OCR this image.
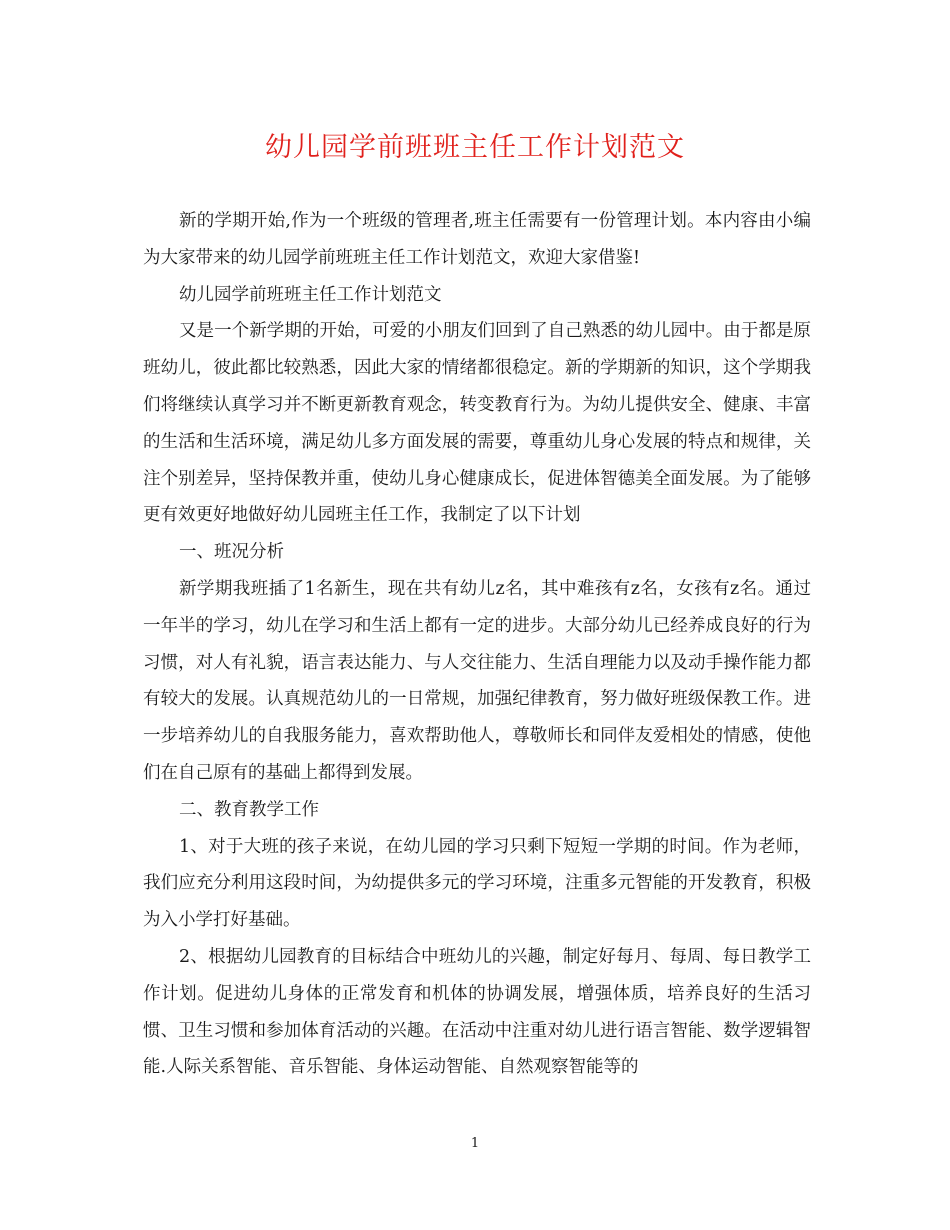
幼儿园学前班班主任工作计划范文

新的学期开始,作为一个班级的管理者,班主任需要有一份管理计划。本内容由小编为大家带来的幼儿园学前班班主任工作计划范文，欢迎大家借鉴!

幼儿园学前班班主任工作计划范文

又是一个新学期的开始，可爱的小朋友们回到了自己熟悉的幼儿园中。由于都是原班幼儿，彼此都比较熟悉，因此大家的情绪都很稳定。新的学期新的知识，这个学期我们将继续认真学习并不断更新教育观念，转变教育行为。为幼儿提供安全、健康、丰富的生活和生活环境，满足幼儿多方面发展的需要，尊重幼儿身心发展的特点和规律，关注个别差异，坚持保教并重，使幼儿身心健康成长，促进体智德美全面发展。为了能够更有效更好地做好幼儿园班主任工作，我制定了以下计划

一、班况分析

新学期我班插了1名新生，现在共有幼儿z名，其中难孩有z名，女孩有z名。通过一年半的学习，幼儿在学习和生活上都有一定的进步。大部分幼儿已经养成良好的行为习惯，对人有礼貌，语言表达能力、与人交往能力、生活自理能力以及动手操作能力都有较大的发展。认真规范幼儿的一日常规，加强纪律教育，努力做好班级保教工作。进一步培养幼儿的自我服务能力，喜欢帮助他人，尊敬师长和同伴友爱相处的情感，使他们在自己原有的基础上都得到发展。

二、教育教学工作

1、对于大班的孩子来说，在幼儿园的学习只剩下短短一学期的时间。作为老师，我们应充分利用这段时间，为幼提供多元的学习环境，注重多元智能的开发教育，积极为入小学打好基础。

2、根据幼儿园教育的目标结合中班幼儿的兴趣，制定好每月、每周、每日教学工作计划。促进幼儿身体的正常发育和机体的协调发展，增强体质，培养良好的生活习惯、卫生习惯和参加体育活动的兴趣。在活动中注重对幼儿进行语言智能、数学逻辑智能.人际关系智能、音乐智能、身体运动智能、自然观察智能等的

1
